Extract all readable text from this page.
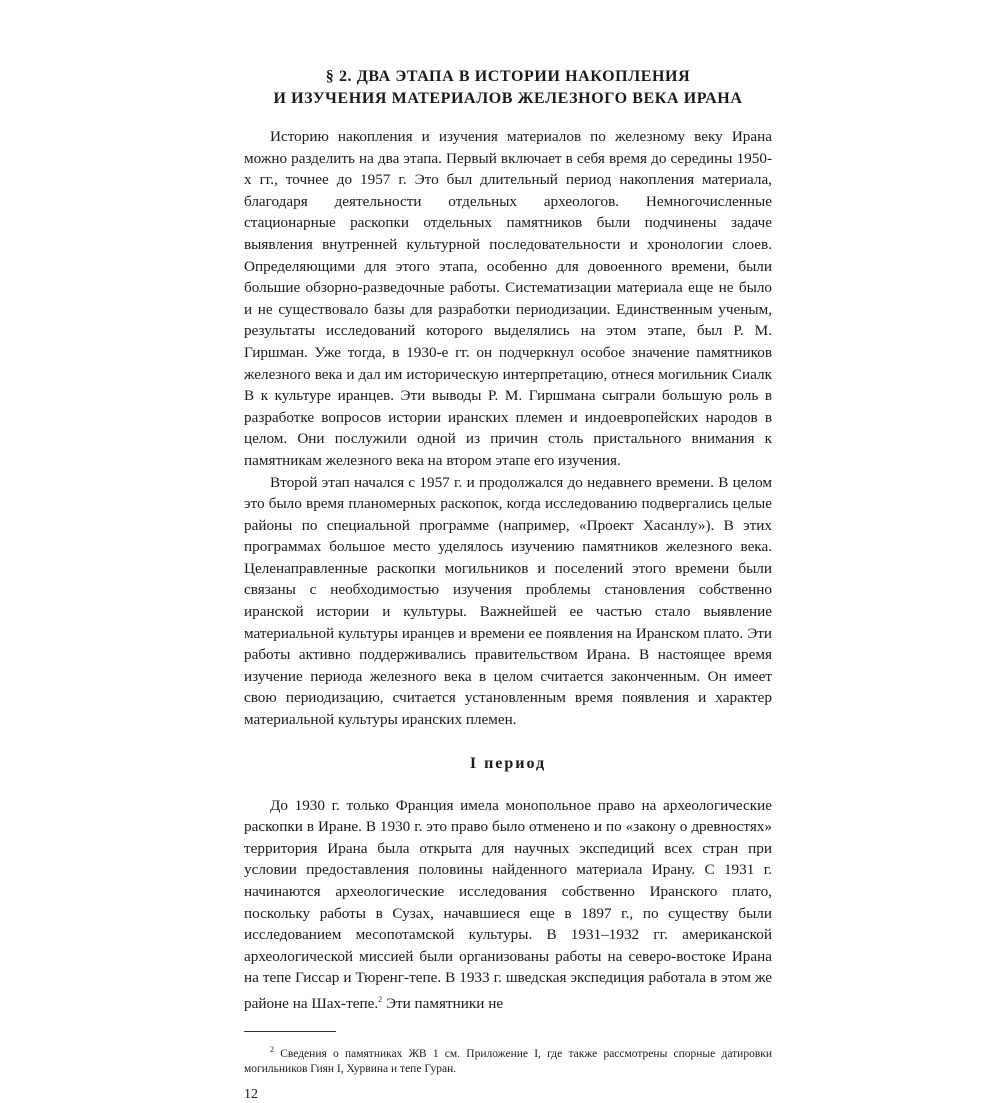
§ 2. ДВА ЭТАПА В ИСТОРИИ НАКОПЛЕНИЯ
И ИЗУЧЕНИЯ МАТЕРИАЛОВ ЖЕЛЕЗНОГО ВЕКА ИРАНА

Историю накопления и изучения материалов по железному веку Ирана можно разделить на два этапа. Первый включает в себя время до середины 1950-х гг., точнее до 1957 г. Это был длительный период накопления материала, благодаря деятельности отдельных археологов. Немногочисленные стационарные раскопки отдельных памятников были подчинены задаче выявления внутренней культурной последовательности и хронологии слоев. Определяющими для этого этапа, особенно для довоенного времени, были большие обзорно-разведочные работы. Систематизации материала еще не было и не существовало базы для разработки периодизации. Единственным ученым, результаты исследований которого выделялись на этом этапе, был Р. М. Гиршман. Уже тогда, в 1930-е гг. он подчеркнул особое значение памятников железного века и дал им историческую интерпретацию, отнеся могильник Сиалк В к культуре иранцев. Эти выводы Р. М. Гиршмана сыграли большую роль в разработке вопросов истории иранских племен и индоевропейских народов в целом. Они послужили одной из причин столь пристального внимания к памятникам железного века на втором этапе его изучения.

Второй этап начался с 1957 г. и продолжался до недавнего времени. В целом это было время планомерных раскопок, когда исследованию подвергались целые районы по специальной программе (например, «Проект Хасанлу»). В этих программах большое место уделялось изучению памятников железного века. Целенаправленные раскопки могильников и поселений этого времени были связаны с необходимостью изучения проблемы становления собственно иранской истории и культуры. Важнейшей ее частью стало выявление материальной культуры иранцев и времени ее появления на Иранском плато. Эти работы активно поддерживались правительством Ирана. В настоящее время изучение периода железного века в целом считается законченным. Он имеет свою периодизацию, считается установленным время появления и характер материальной культуры иранских племен.

I период

До 1930 г. только Франция имела монопольное право на археологические раскопки в Иране. В 1930 г. это право было отменено и по «закону о древностях» территория Ирана была открыта для научных экспедиций всех стран при условии предоставления половины найденного материала Ирану. С 1931 г. начинаются археологические исследования собственно Иранского плато, поскольку работы в Сузах, начавшиеся еще в 1897 г., по существу были исследованием месопотамской культуры. В 1931–1932 гг. американской археологической миссией были организованы работы на северо-востоке Ирана на тепе Гиссар и Тюренг-тепе. В 1933 г. шведская экспедиция работала в этом же районе на Шах-тепе.$^2$ Эти памятники не

$^2$ Сведения о памятниках ЖВ 1 см. Приложение I, где также рассмотрены спорные датировки могильников Гиян I, Хурвина и тепе Гуран.

12
